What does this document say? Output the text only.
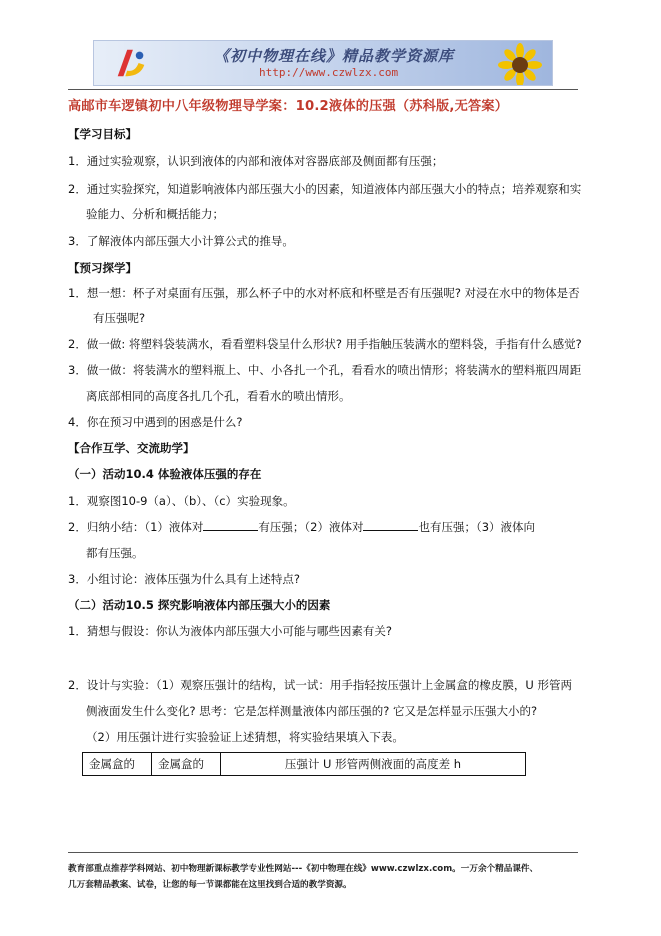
《初中物理在线》精品教学资源库
http://www.czwlzx.com
高邮市车逻镇初中八年级物理导学案：10.2液体的压强（苏科版,无答案）
【学习目标】
1．通过实验观察，认识到液体的内部和液体对容器底部及侧面都有压强；
2．通过实验探究，知道影响液体内部压强大小的因素，知道液体内部压强大小的特点；培养观察和实
验能力、分析和概括能力；
3．了解液体内部压强大小计算公式的推导。
【预习探学】
1．想一想：杯子对桌面有压强，那么杯子中的水对杯底和杯壁是否有压强呢? 对浸在水中的物体是否
有压强呢?
2．做一做: 将塑料袋装满水，看看塑料袋呈什么形状? 用手指触压装满水的塑料袋，手指有什么感觉?
3．做一做：将装满水的塑料瓶上、中、小各扎一个孔，看看水的喷出情形；将装满水的塑料瓶四周距
离底部相同的高度各扎几个孔，看看水的喷出情形。
4．你在预习中遇到的困惑是什么?
【合作互学、交流助学】
（一）活动10.4 体验液体压强的存在
1．观察图10-9（a）、（b）、（c）实验现象。
2．归纳小结：（1）液体对	有压强；（2）液体对	也有压强；（3）液体向
都有压强。
3．小组讨论：液体压强为什么具有上述特点?
（二）活动10.5 探究影响液体内部压强大小的因素
1．猜想与假设：你认为液体内部压强大小可能与哪些因素有关?
2．设计与实验：（1）观察压强计的结构，试一试：用手指轻按压强计上金属盒的橡皮膜，U 形管两
侧液面发生什么变化? 思考：它是怎样测量液体内部压强的? 它又是怎样显示压强大小的?
（2）用压强计进行实验验证上述猜想，将实验结果填入下表。
金属盒的	金属盒的	压强计 U 形管两侧液面的高度差 h
教育部重点推荐学科网站、初中物理新课标教学专业性网站---《初中物理在线》www.czwlzx.com。一万余个精品课件、
几万套精品教案、试卷，让您的每一节课都能在这里找到合适的教学资源。
